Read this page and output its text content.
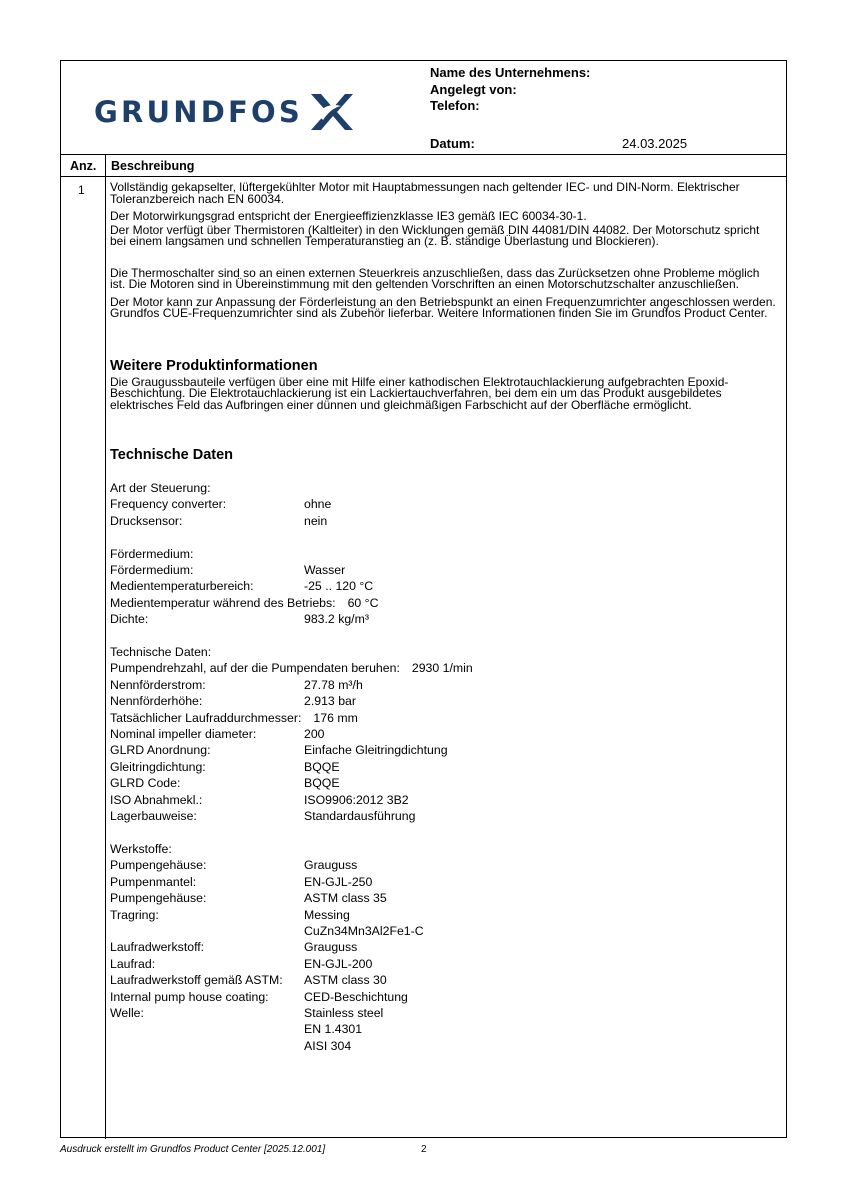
GRUNDFOS
Name des Unternehmens:
Angelegt von:
Telefon:
Datum:	24.03.2025
Anz. Beschreibung
1 Vollständig gekapselter, lüftergekühlter Motor mit Hauptabmessungen nach geltender IEC- und DIN-Norm. Elektrischer Toleranzbereich nach EN 60034.

Der Motorwirkungsgrad entspricht der Energieeffizienzklasse IE3 gemäß IEC 60034-30-1.

Der Motor verfügt über Thermistoren (Kaltleiter) in den Wicklungen gemäß DIN 44081/DIN 44082. Der Motorschutz spricht bei einem langsamen und schnellen Temperaturanstieg an (z. B. ständige Überlastung und Blockieren).

Die Thermoschalter sind so an einen externen Steuerkreis anzuschließen, dass das Zurücksetzen ohne Probleme möglich ist. Die Motoren sind in Übereinstimmung mit den geltenden Vorschriften an einen Motorschutzschalter anzuschließen.

Der Motor kann zur Anpassung der Förderleistung an den Betriebspunkt an einen Frequenzumrichter angeschlossen werden. Grundfos CUE-Frequenzumrichter sind als Zubehör lieferbar. Weitere Informationen finden Sie im Grundfos Product Center.

Weitere Produktinformationen

Die Graugussbauteile verfügen über eine mit Hilfe einer kathodischen Elektrotauchlackierung aufgebrachten Epoxid-Beschichtung. Die Elektrotauchlackierung ist ein Lackiertauchverfahren, bei dem ein um das Produkt ausgebildetes elektrisches Feld das Aufbringen einer dünnen und gleichmäßigen Farbschicht auf der Oberfläche ermöglicht.

Technische Daten
Art der Steuerung:
Frequency converter:	ohne
Drucksensor:	nein
Fördermedium:
Fördermedium:	Wasser
Medientemperaturbereich:	-25 .. 120 °C
Medientemperatur während des Betriebs: 60 °C
Dichte:	983.2 kg/m³
Technische Daten:
Pumpendrehzahl, auf der die Pumpendaten beruhen: 2930 1/min
Nennförderstrom:	27.78 m³/h
Nennförderhöhe:	2.913 bar
Tatsächlicher Laufraddurchmesser: 176 mm
Nominal impeller diameter:	200
GLRD Anordnung:	Einfache Gleitringdichtung
Gleitringdichtung:	BQQE
GLRD Code:	BQQE
ISO Abnahmekl.:	ISO9906:2012 3B2
Lagerbauweise:	Standardausführung
Werkstoffe:
Pumpengehäuse:	Grauguss
Pumpenmantel:	EN-GJL-250
Pumpengehäuse:	ASTM class 35
Tragring:	Messing
CuZn34Mn3Al2Fe1-C
Laufradwerkstoff:	Grauguss
Laufrad:	EN-GJL-200
Laufradwerkstoff gemäß ASTM:	ASTM class 30
Internal pump house coating:	CED-Beschichtung
Welle:	Stainless steel
EN 1.4301
AISI 304
Ausdruck erstellt im Grundfos Product Center [2025.12.001]	2
